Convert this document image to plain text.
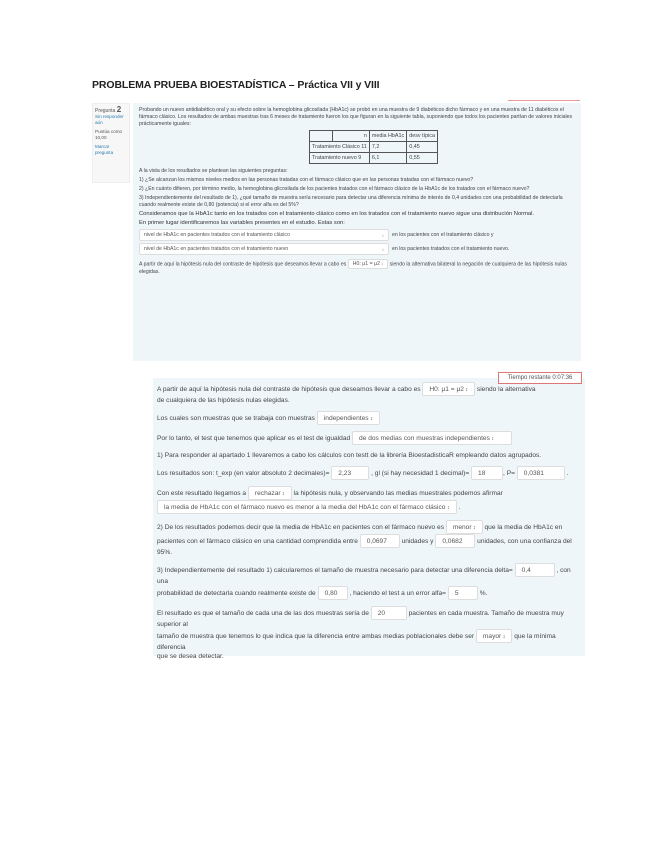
PROBLEMA PRUEBA BIOESTADÍSTICA – Práctica VII y VIII
Pregunta 2
Sin responder aún
Puntúa como 10,00
Marcar pregunta

Probando un nuevo antidiabético oral y su efecto sobre la hemoglobina glicosilada (HbA1c) se probó en una muestra de 9 diabéticos dicho fármaco y en una muestra de 11 diabéticos el fármaco clásico. Los resultados de ambas muestras tras 6 meses de tratamiento fueron los que figuran en la siguiente tabla, suponiendo que todos los pacientes partían de valores iniciales prácticamente iguales:

	n	media HbA1c	desv típica
Tratamiento Clásico 11		7,2	0,45
Tratamiento nuevo 9		6,1	0,55

A la vista de los resultados se plantean las siguientes preguntas:

1) ¿Se alcanzan los mismos niveles medios en las personas tratadas con el fármaco clásico que en las personas tratadas con el fármaco nuevo?

2) ¿En cuánto difieren, por término medio, la hemoglobina glicosilada de los pacientes tratados con el fármaco clásico de la HbA1c de los tratados con el fármaco nuevo?

3) Independientemente del resultado de 1), ¿qué tamaño de muestra sería necesario para detectar una diferencia mínima de interés de 0,4 unidades con una probabilidad de detectarla cuando realmente existe de 0,80 (potencia) si el error alfa es del 5%?

Consideramos que la HbA1c tanto en los tratados con el tratamiento clásico como en los tratados con el tratamiento nuevo sigue una distribución Normal.

En primer lugar identificaremos las variables presentes en el estudio. Estas son:

nivel de HbA1c en pacientes tratados con el tratamiento clásico
↕	en los pacientes con el tratamiento clásico y
nivel de HbA1c en pacientes tratados con el tratamiento nuevo
↕	en los pacientes tratados con el tratamiento nuevo.

A partir de aquí la hipótesis nula del contraste de hipótesis que deseamos llevar a cabo es H0: μ1 = μ2 ↕ siendo la alternativa bilateral la negación de cualquiera de las hipótesis nulas elegidas.

A partir de aquí la hipótesis nula del contraste de hipótesis que deseamos llevar a cabo es H0: μ1 = μ2 ↕ siendo la alternativa
de cualquiera de las hipótesis nulas elegidas.

Los cuales son muestras que se trabaja con muestras independientes ↕

Por lo tanto, el test que tenemos que aplicar es el test de igualdad de dos medias con muestras independientes ↕

1) Para responder al apartado 1 llevaremos a cabo los cálculos con testt de la librería BioestadisticaR empleando datos agrupados.

Los resultados son: t_exp (en valor absoluto 2 decimales)= 2,23	, gl (si hay necesidad 1 decimal)= 18	, P= 0,0381	.

Con este resultado llegamos a rechazar ↕ la hipótesis nula, y observando las medias muestrales podemos afirmar
la media de HbA1c con el fármaco nuevo es menor a la media del HbA1c con el fármaco clásico ↕ .

2) De los resultados podemos decir que la media de HbA1c en pacientes con el fármaco nuevo es menor ↕ que la media de HbA1c en
pacientes con el fármaco clásico en una cantidad comprendida entre 0,0697 unidades y 0,0682 unidades, con una confianza del 95%.

3) Independientemente del resultado 1) calcularemos el tamaño de muestra necesario para detectar una diferencia delta= 0,4	, con una
probabilidad de detectarla cuando realmente existe de 0,80 , haciendo el test a un error alfa= 5	%.

El resultado es que el tamaño de cada una de las dos muestras sería de 20	pacientes en cada muestra. Tamaño de muestra muy superior al
tamaño de muestra que tenemos lo que indica que la diferencia entre ambas medias poblacionales debe ser mayor ↕ que la mínima diferencia
que se desea detectar.

Tiempo restante 0:07:36
